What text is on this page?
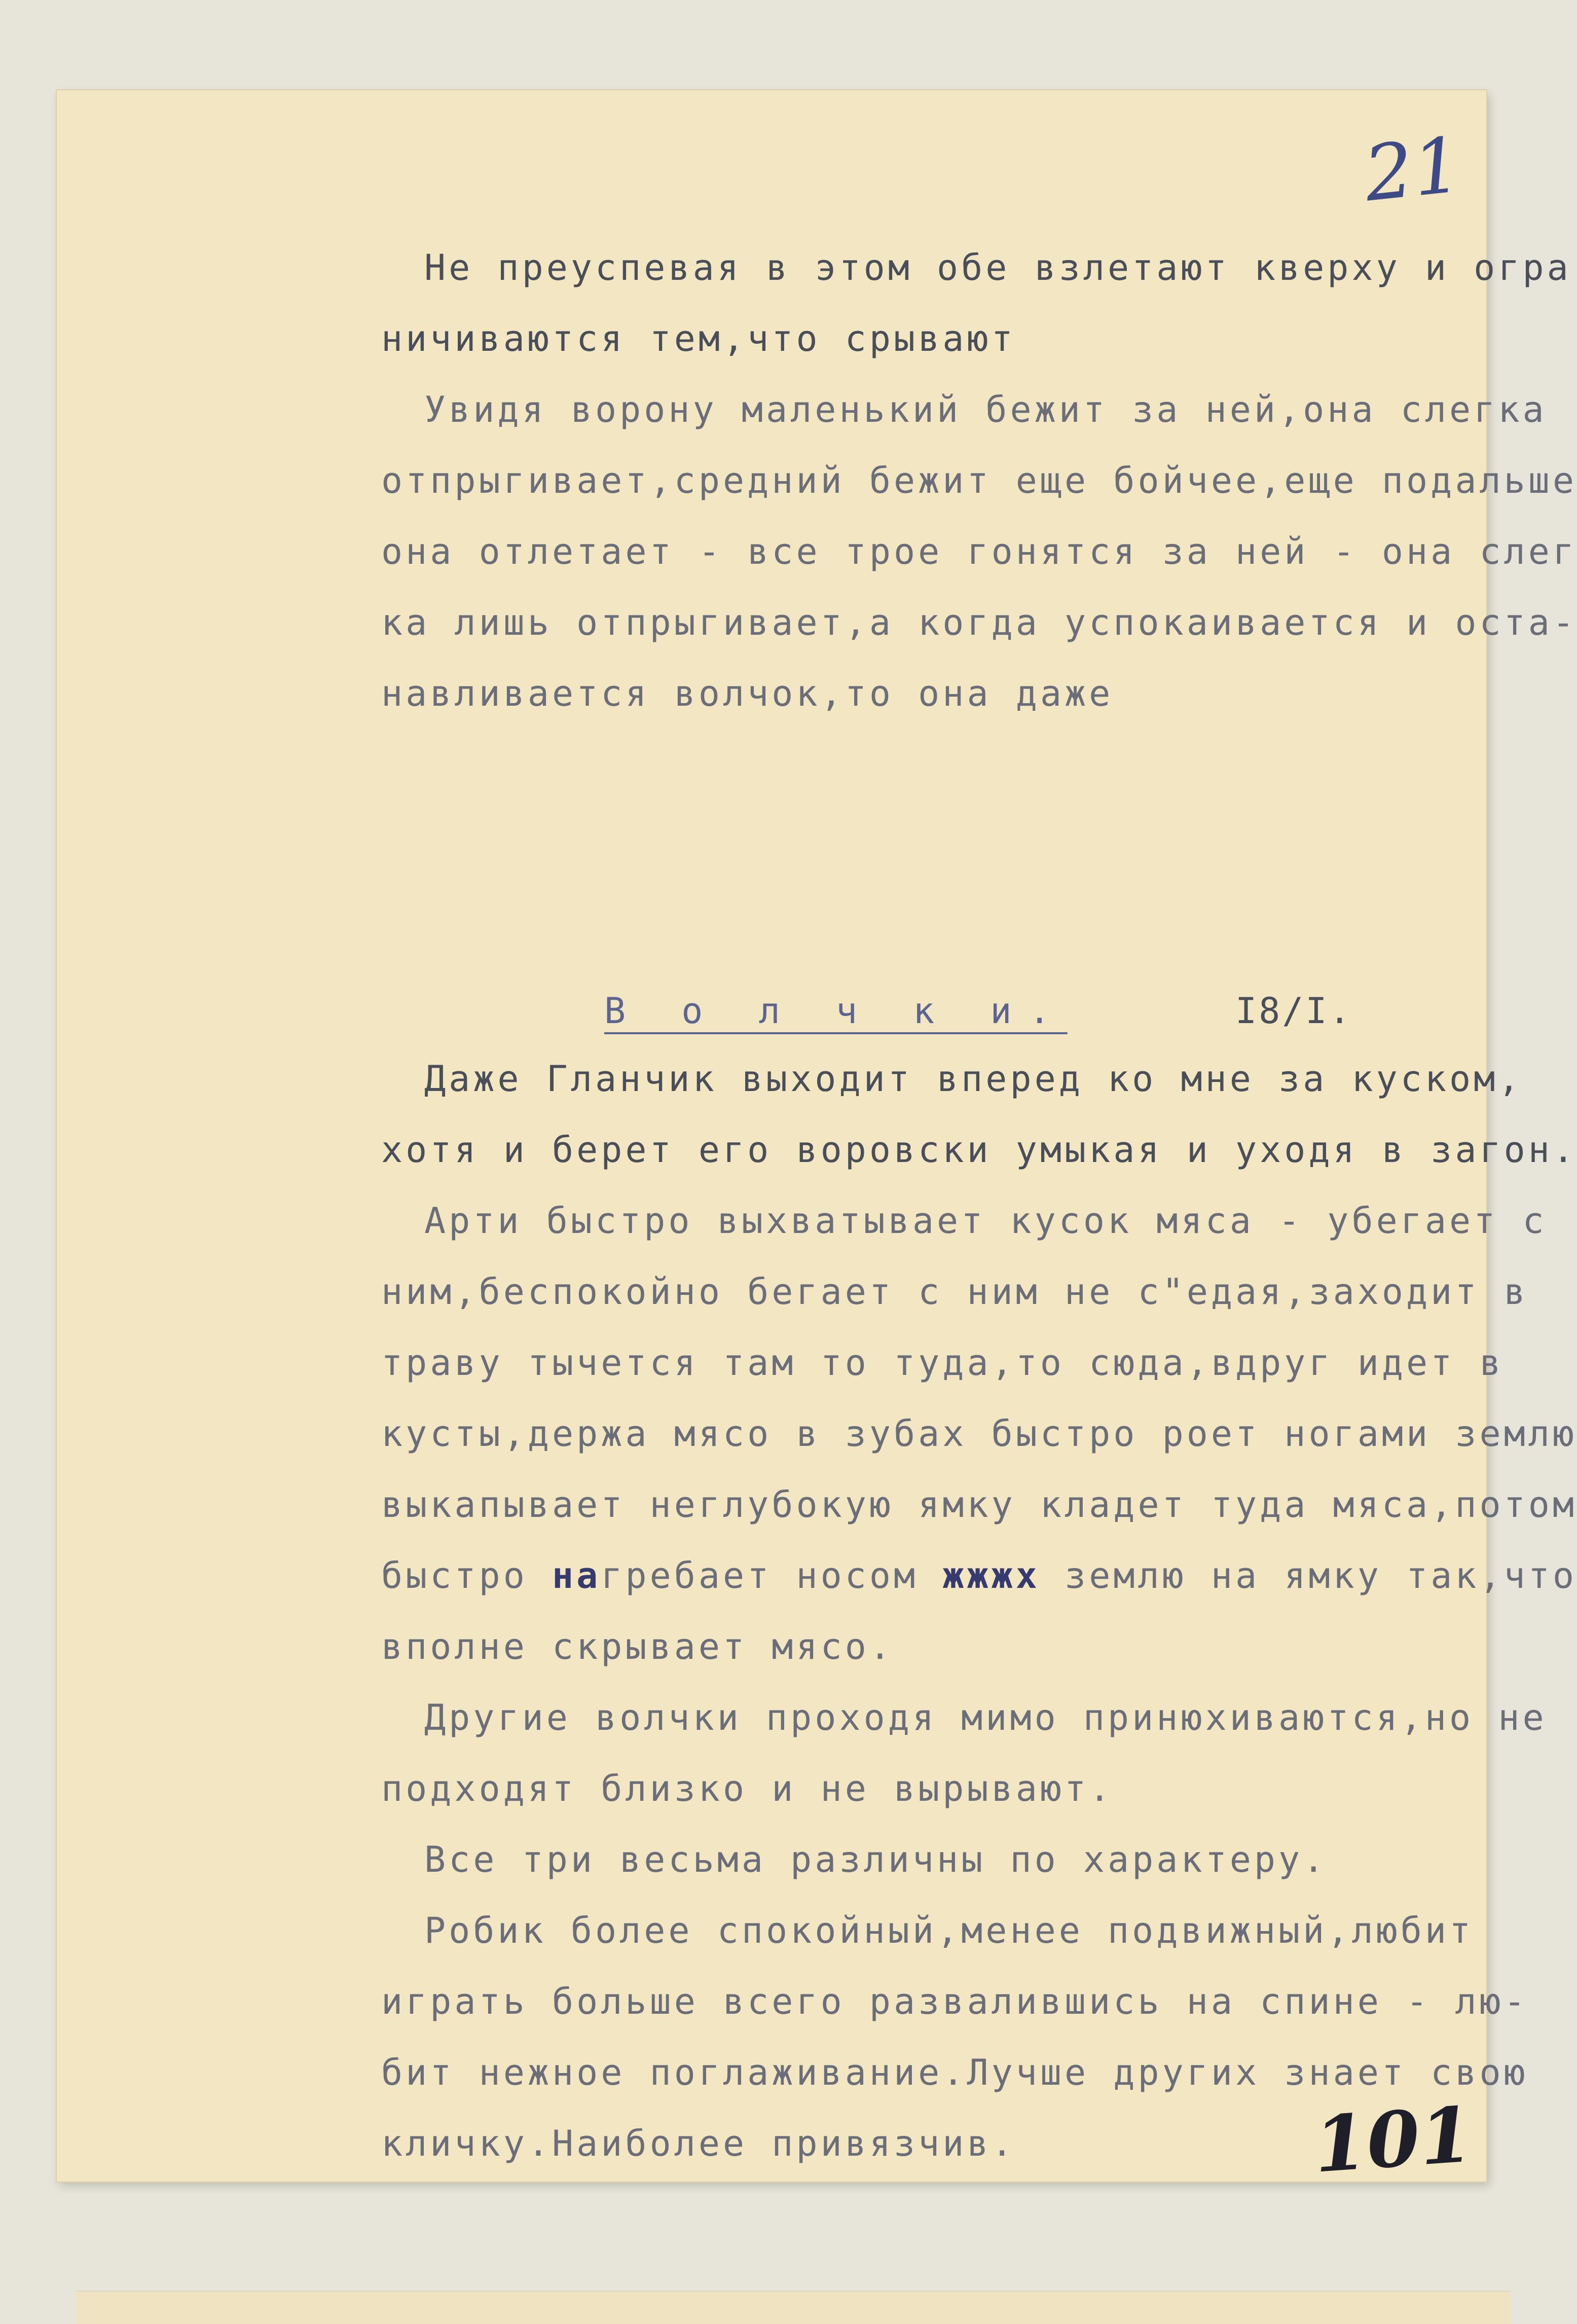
21
Не преуспевая в этом обе взлетают кверху и огра
ничиваются тем,что срывают
Увидя ворону маленький бежит за ней,она слегка
отпрыгивает,средний бежит еще бойчее,еще подальше
она отлетает - все трое гонятся за ней - она слег
ка лишь отпрыгивает,а когда успокаивается и оста-
навливается волчок,то она даже
В о л ч к и.	I8/I.
Даже Гланчик выходит вперед ко мне за куском,
хотя и берет его воровски умыкая и уходя в загон.
Арти быстро выхватывает кусок мяса - убегает с
ним,беспокойно бегает с ним не с"едая,заходит в
траву тычется там то туда,то сюда,вдруг идет в
кусты,держа мясо в зубах быстро роет ногами землю
выкапывает неглубокую ямку кладет туда мяса,потом
быстро нагребает носом жжжх землю на ямку так,что
вполне скрывает мясо.
Другие волчки проходя мимо принюхиваются,но не
подходят близко и не вырывают.
Все три весьма различны по характеру.
Робик более спокойный,менее подвижный,любит
играть больше всего развалившись на спине - лю-
бит нежное поглаживание.Лучше других знает свою
кличку.Наиболее привязчив.	101
